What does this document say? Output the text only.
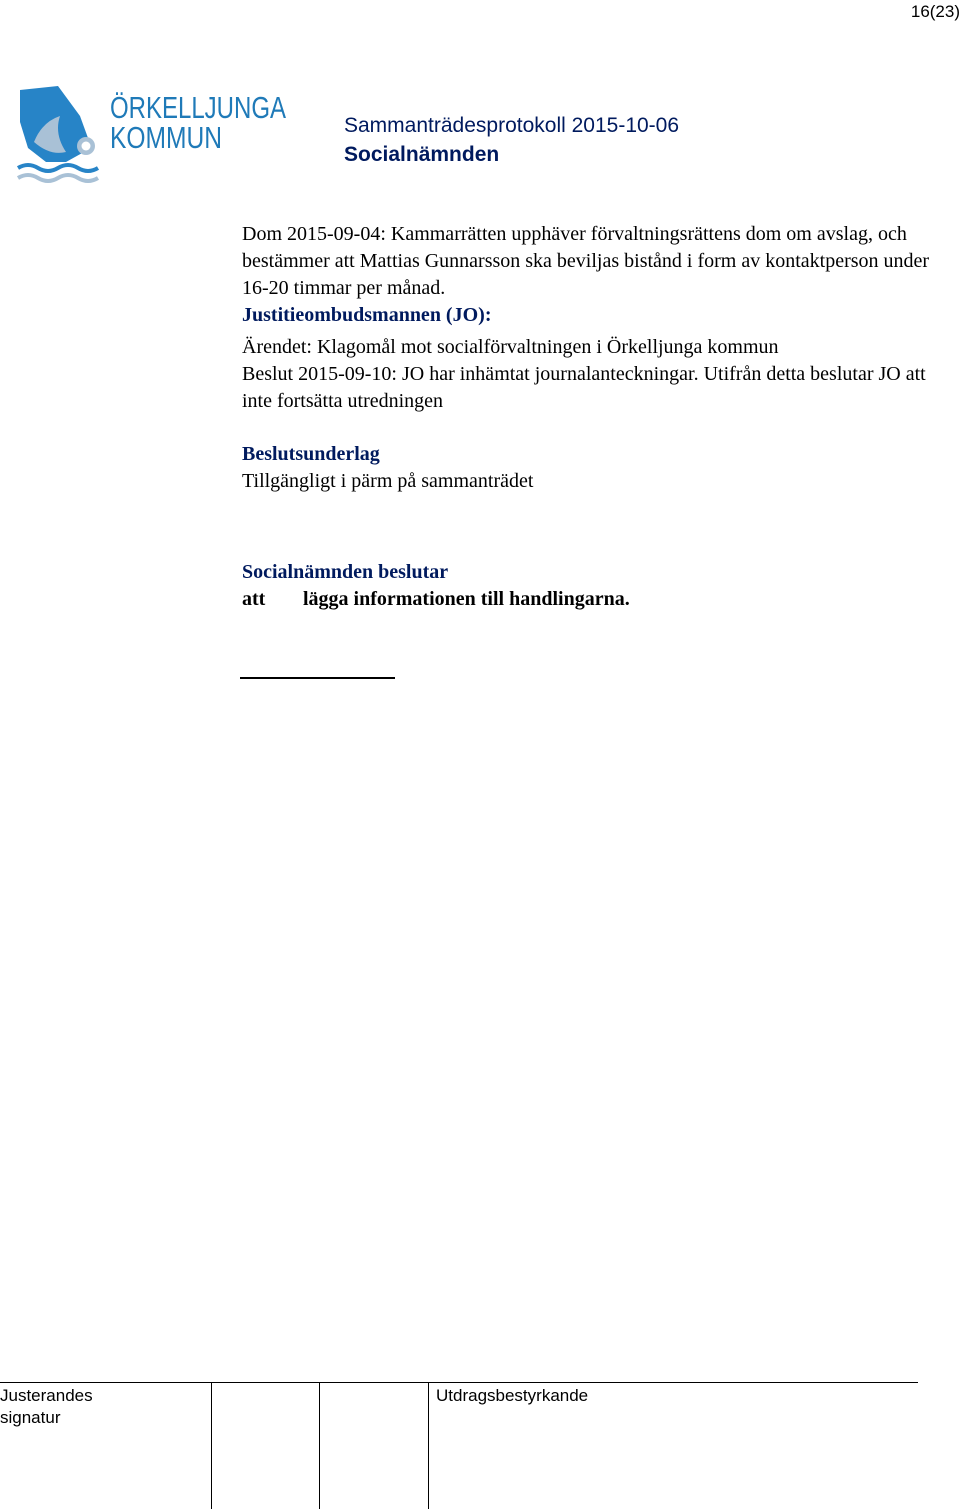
16(23)
ÖRKELLJUNGA
KOMMUN	Sammanträdesprotokoll 2015-10-06
Socialnämnden

Dom 2015-09-04: Kammarrätten upphäver förvaltningsrättens dom om avslag, och bestämmer att Mattias Gunnarsson ska beviljas bistånd i form av kontaktperson under 16-20 timmar per månad.

Justitieombudsmannen (JO):

Ärendet: Klagomål mot socialförvaltningen i Örkelljunga kommun

Beslut 2015-09-10: JO har inhämtat journalanteckningar. Utifrån detta beslutar JO att inte fortsätta utredningen

Beslutsunderlag

Tillgängligt i pärm på sammanträdet

Socialnämnden beslutar

att	lägga informationen till handlingarna.
Justerandes
signatur
Utdragsbestyrkande
